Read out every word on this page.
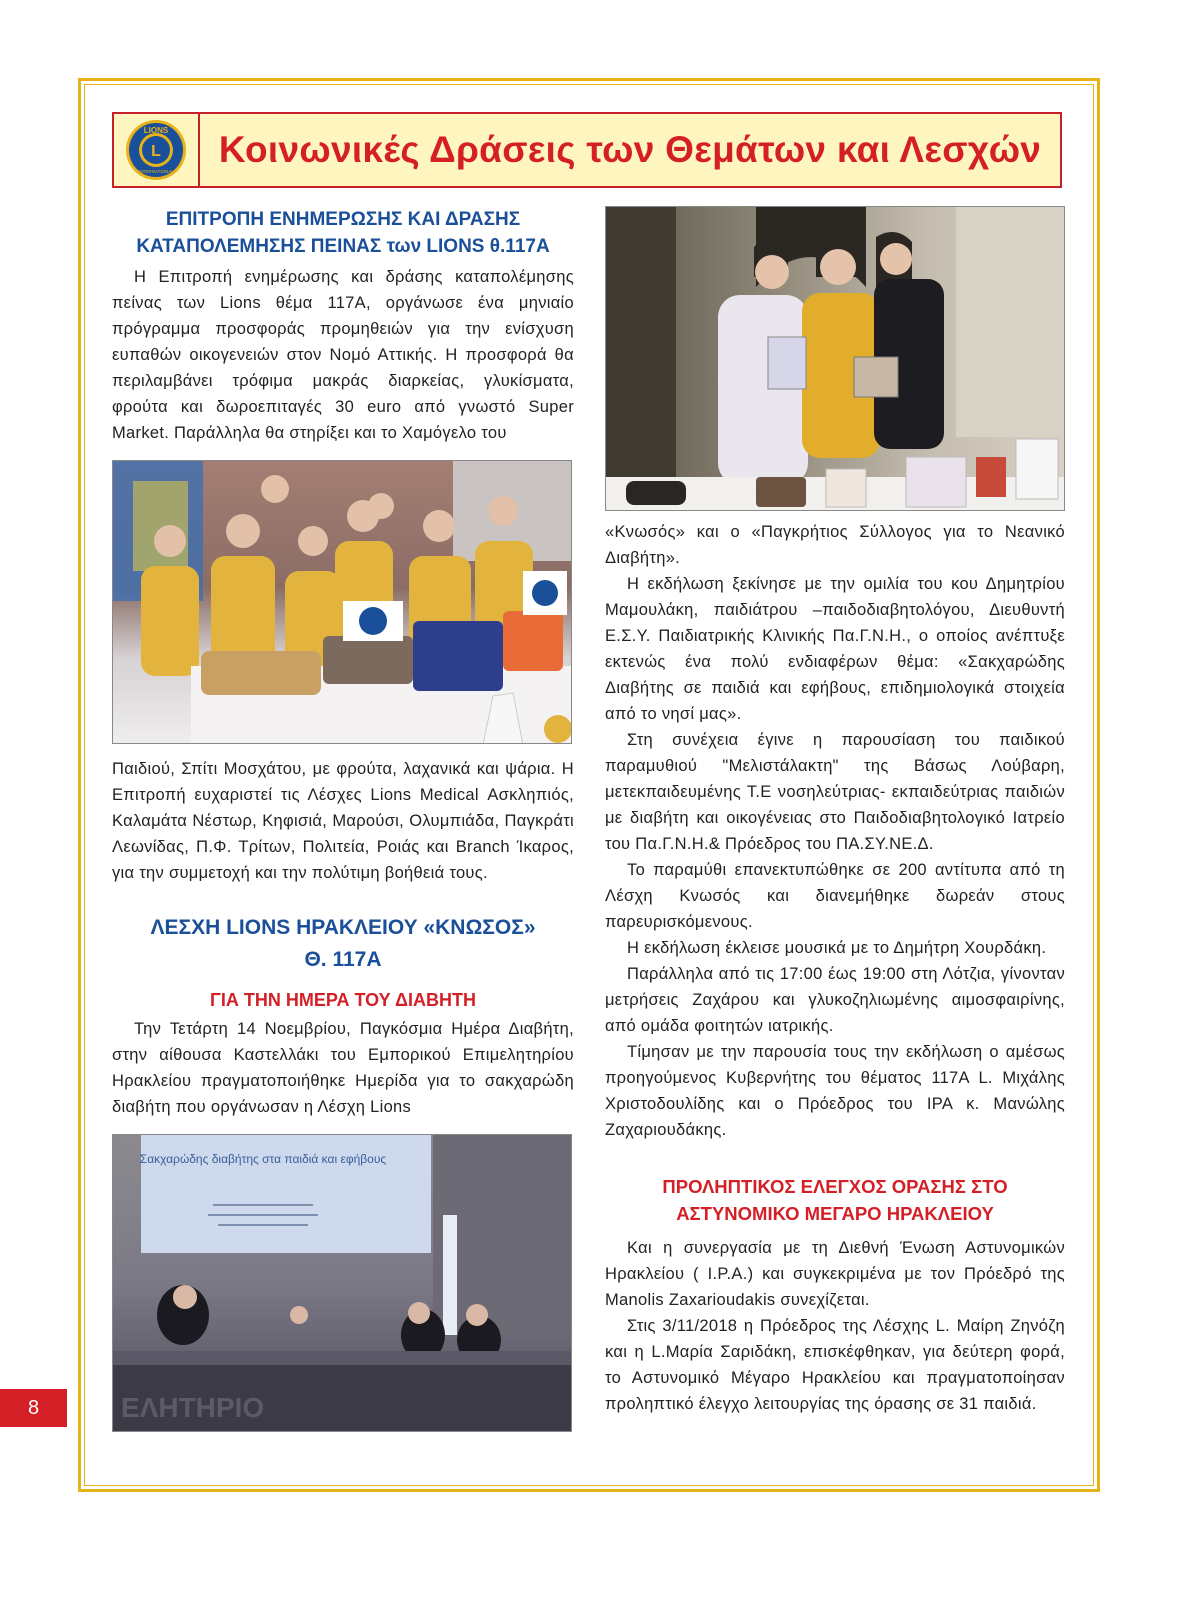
LIONS
L
INTERNATIONAL
Κοινωνικές Δράσεις των Θεμάτων και Λεσχών
ΕΠΙΤΡΟΠΗ ΕΝΗΜΕΡΩΣΗΣ ΚΑΙ ΔΡΑΣΗΣ
ΚΑΤΑΠΟΛΕΜΗΣΗΣ ΠΕΙΝΑΣ των LIONS θ.117Α

Η Επιτροπή ενημέρωσης και δράσης καταπολέμησης πείνας των Lions θέμα 117Α, οργάνωσε ένα μηνιαίο πρόγραμμα προσφοράς προμηθειών για την ενίσχυση ευπαθών οικογενειών στον Νομό Αττικής. Η προσφορά θα περιλαμβάνει τρόφιμα μακράς διαρκείας, γλυκίσματα, φρούτα και δωροεπιταγές 30 euro από γνωστό Super Market. Παράλληλα θα στηρίξει και το Χαμόγελο του

Παιδιού, Σπίτι Μοσχάτου, με φρούτα, λαχανικά και ψάρια. Η Επιτροπή ευχαριστεί τις Λέσχες Lions Medical Ασκληπιός, Καλαμάτα Νέστωρ, Κηφισιά, Μαρούσι, Ολυμπιάδα, Παγκράτι Λεωνίδας, Π.Φ. Τρίτων, Πολιτεία, Ροιάς και Branch Ίκαρος, για την συμμετοχή και την πολύτιμη βοήθειά τους.

ΛΕΣΧΗ LIONS ΗΡΑΚΛΕΙΟΥ «ΚΝΩΣΟΣ»
Θ. 117Α
ΓΙΑ ΤΗΝ ΗΜΕΡΑ ΤΟΥ ΔΙΑΒΗΤΗ

Την Τετάρτη 14 Νοεμβρίου, Παγκόσμια Ημέρα Διαβήτη, στην αίθουσα Καστελλάκι του Εμπορικού Επιμελητηρίου Ηρακλείου πραγματοποιήθηκε Ημερίδα για το σακχαρώδη διαβήτη που οργάνωσαν η Λέσχη Lions

Σακχαρώδης διαβήτης στα παιδιά και εφήβους
ΕΛΗΤΗΡΙΟ

«Κνωσός» και ο «Παγκρήτιος Σύλλογος για το Νεανικό Διαβήτη».

Η εκδήλωση ξεκίνησε με την ομιλία του κου Δημητρίου Μαμουλάκη, παιδιάτρου –παιδοδιαβητολόγου, Διευθυντή Ε.Σ.Υ. Παιδιατρικής Κλινικής Πα.Γ.Ν.Η., ο οποίος ανέπτυξε εκτενώς ένα πολύ ενδιαφέρων θέμα: «Σακχαρώδης Διαβήτης σε παιδιά και εφήβους, επιδημιολογικά στοιχεία από το νησί μας».

Στη συνέχεια έγινε η παρουσίαση του παιδικού παραμυθιού "Μελιστάλακτη" της Βάσως Λούβαρη, μετεκπαιδευμένης Τ.Ε νοσηλεύτριας- εκπαιδεύτριας παιδιών με διαβήτη και οικογένειας στο Παιδοδιαβητολογικό Ιατρείο του Πα.Γ.Ν.Η.& Πρόεδρος του ΠΑ.ΣΥ.ΝΕ.Δ.

Το παραμύθι επανεκτυπώθηκε σε 200 αντίτυπα από τη Λέσχη Κνωσός και διανεμήθηκε δωρεάν στους παρευρισκόμενους.

Η εκδήλωση έκλεισε μουσικά με το Δημήτρη Χουρδάκη.

Παράλληλα από τις 17:00 έως 19:00 στη Λότζια, γίνονταν μετρήσεις Ζαχάρου και γλυκοζηλιωμένης αιμοσφαιρίνης, από ομάδα φοιτητών ιατρικής.

Τίμησαν με την παρουσία τους την εκδήλωση ο αμέσως προηγούμενος Κυβερνήτης του θέματος 117Α L. Μιχάλης Χριστοδουλίδης και ο Πρόεδρος του IPA κ. Μανώλης Ζαχαριουδάκης.

ΠΡΟΛΗΠΤΙΚΟΣ ΕΛΕΓΧΟΣ ΟΡΑΣΗΣ ΣΤΟ
ΑΣΤΥΝΟΜΙΚΟ ΜΕΓΑΡΟ ΗΡΑΚΛΕΙΟΥ

Και η συνεργασία με τη Διεθνή Ένωση Αστυνομικών Ηρακλείου ( Ι.Ρ.Α.) και συγκεκριμένα με τον Πρόεδρό της Manolis Zaxarioudakis συνεχίζεται.

Στις 3/11/2018 η Πρόεδρος της Λέσχης L. Μαίρη Ζηνόζη και η L.Μαρία Σαριδάκη, επισκέφθηκαν, για δεύτερη φορά, το Αστυνομικό Μέγαρο Ηρακλείου και πραγματοποίησαν προληπτικό έλεγχο λειτουργίας της όρασης σε 31 παιδιά.

8
